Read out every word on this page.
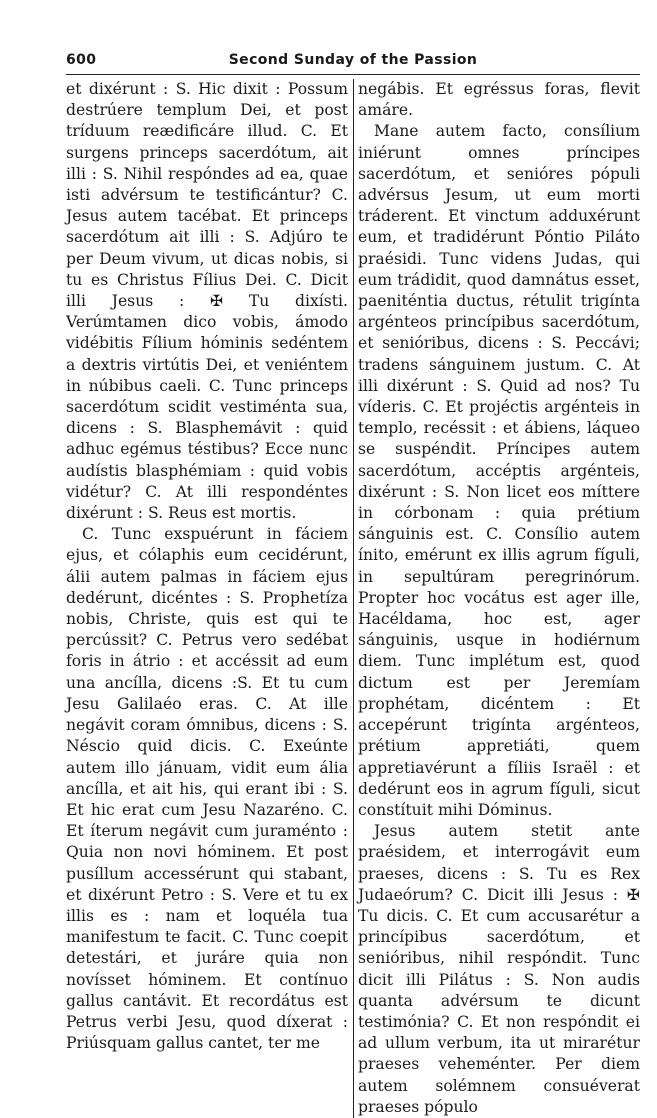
600	Second Sunday of the Passion

et dixérunt : S. Hic dixit : Possum destrúere templum Dei, et post tríduum reædificáre illud. C. Et surgens princeps sacerdótum, ait illi : S. Nihil respóndes ad ea, quae isti advérsum te testificántur? C. Jesus autem tacébat. Et princeps sacerdótum ait illi : S. Adjúro te per Deum vivum, ut dicas nobis, si tu es Christus Fílius Dei. C. Dicit illi Jesus : ✠ Tu dixísti. Verúmtamen dico vobis, ámodo vidébitis Fílium hóminis sedéntem a dextris virtútis Dei, et veniéntem in núbibus caeli. C. Tunc princeps sacerdótum scidit vestiménta sua, dicens : S. Blasphemávit : quid adhuc egémus téstibus? Ecce nunc audístis blasphémiam : quid vobis vidétur? C. At illi respondéntes dixérunt : S. Reus est mortis.

C. Tunc exspuérunt in fáciem ejus, et cólaphis eum cecidérunt, álii autem palmas in fáciem ejus dedérunt, dicéntes : S. Prophetíza nobis, Christe, quis est qui te percússit? C. Petrus vero sedébat foris in átrio : et accéssit ad eum una ancílla, dicens :S. Et tu cum Jesu Galilaéo eras. C. At ille negávit coram ómnibus, dicens : S. Néscio quid dicis. C. Exeúnte autem illo jánuam, vidit eum ália ancílla, et ait his, qui erant ibi : S. Et hic erat cum Jesu Nazaréno. C. Et íterum negávit cum juraménto : Quia non novi hóminem. Et post pusíllum accessérunt qui stabant, et dixérunt Petro : S. Vere et tu ex illis es : nam et loquéla tua manifestum te facit. C. Tunc coepit detestári, et juráre quia non novísset hóminem. Et contínuo gallus cantávit. Et recordátus est Petrus verbi Jesu, quod díxerat : Priúsquam gallus cantet, ter me

negábis. Et egréssus foras, flevit amáre.

Mane autem facto, consílium iniérunt omnes príncipes sacerdótum, et senióres pópuli advérsus Jesum, ut eum morti tráderent. Et vinctum adduxérunt eum, et tradidérunt Póntio Piláto praésidi. Tunc videns Judas, qui eum trádidit, quod damnátus esset, paeniténtia ductus, rétulit trigínta argénteos princípibus sacerdótum, et senióribus, dicens : S. Peccávi; tradens sánguinem justum. C. At illi dixérunt : S. Quid ad nos? Tu víderis. C. Et projéctis argénteis in templo, recéssit : et ábiens, láqueo se suspéndit. Príncipes autem sacerdótum, accéptis argénteis, dixérunt : S. Non licet eos míttere in córbonam : quia prétium sánguinis est. C. Consílio autem ínito, emérunt ex illis agrum fíguli, in sepultúram peregrinórum. Propter hoc vocátus est ager ille, Hacéldama, hoc est, ager sánguinis, usque in hodiérnum diem. Tunc implétum est, quod dictum est per Jeremíam prophétam, dicéntem : Et accepérunt trigínta argénteos, prétium appretiáti, quem appretiavérunt a fíliis Israël : et dedérunt eos in agrum fíguli, sicut constítuit mihi Dóminus.

Jesus autem stetit ante praésidem, et interrogávit eum praeses, dicens : S. Tu es Rex Judaeórum? C. Dicit illi Jesus : ✠ Tu dicis. C. Et cum accusarétur a princípibus sacerdótum, et senióribus, nihil respóndit. Tunc dicit illi Pilátus : S. Non audis quanta advérsum te dicunt testimónia? C. Et non respóndit ei ad ullum verbum, ita ut mirarétur praeses veheménter. Per diem autem solémnem consuéverat praeses pópulo
